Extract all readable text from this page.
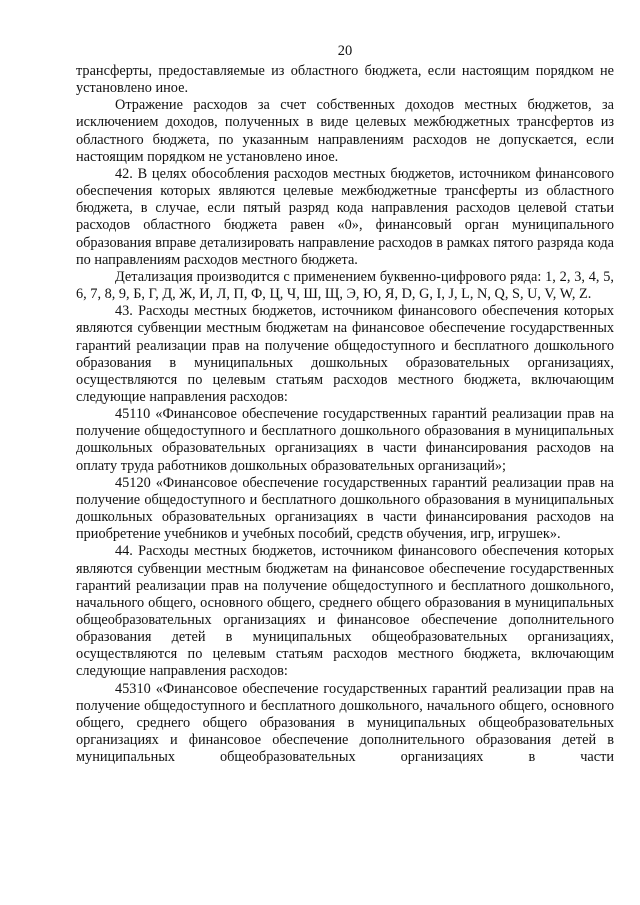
20

трансферты, предоставляемые из областного бюджета, если настоящим порядком не установлено иное.

Отражение расходов за счет собственных доходов местных бюджетов, за исключением доходов, полученных в виде целевых межбюджетных трансфертов из областного бюджета, по указанным направлениям расходов не допускается, если настоящим порядком не установлено иное.

42. В целях обособления расходов местных бюджетов, источником финансового обеспечения которых являются целевые межбюджетные трансферты из областного бюджета, в случае, если пятый разряд кода направления расходов целевой статьи расходов областного бюджета равен «0», финансовый орган муниципального образования вправе детализировать направление расходов в рамках пятого разряда кода по направлениям расходов местного бюджета.

Детализация производится с применением буквенно-цифрового ряда: 1, 2, 3, 4, 5, 6, 7, 8, 9, Б, Г, Д, Ж, И, Л, П, Ф, Ц, Ч, Ш, Щ, Э, Ю, Я, D, G, I, J, L, N, Q, S, U, V, W, Z.

43. Расходы местных бюджетов, источником финансового обеспечения которых являются субвенции местным бюджетам на финансовое обеспечение государственных гарантий реализации прав на получение общедоступного и бесплатного дошкольного образования в муниципальных дошкольных образовательных организациях, осуществляются по целевым статьям расходов местного бюджета, включающим следующие направления расходов:

45110 «Финансовое обеспечение государственных гарантий реализации прав на получение общедоступного и бесплатного дошкольного образования в муниципальных дошкольных образовательных организациях в части финансирования расходов на оплату труда работников дошкольных образовательных организаций»;

45120 «Финансовое обеспечение государственных гарантий реализации прав на получение общедоступного и бесплатного дошкольного образования в муниципальных дошкольных образовательных организациях в части финансирования расходов на приобретение учебников и учебных пособий, средств обучения, игр, игрушек».

44. Расходы местных бюджетов, источником финансового обеспечения которых являются субвенции местным бюджетам на финансовое обеспечение государственных гарантий реализации прав на получение общедоступного и бесплатного дошкольного, начального общего, основного общего, среднего общего образования в муниципальных общеобразовательных организациях и финансовое обеспечение дополнительного образования детей в муниципальных общеобразовательных организациях, осуществляются по целевым статьям расходов местного бюджета, включающим следующие направления расходов:

45310 «Финансовое обеспечение государственных гарантий реализации прав на получение общедоступного и бесплатного дошкольного, начального общего, основного общего, среднего общего образования в муниципальных общеобразовательных организациях и финансовое обеспечение дополнительного образования детей в муниципальных общеобразовательных организациях в части
